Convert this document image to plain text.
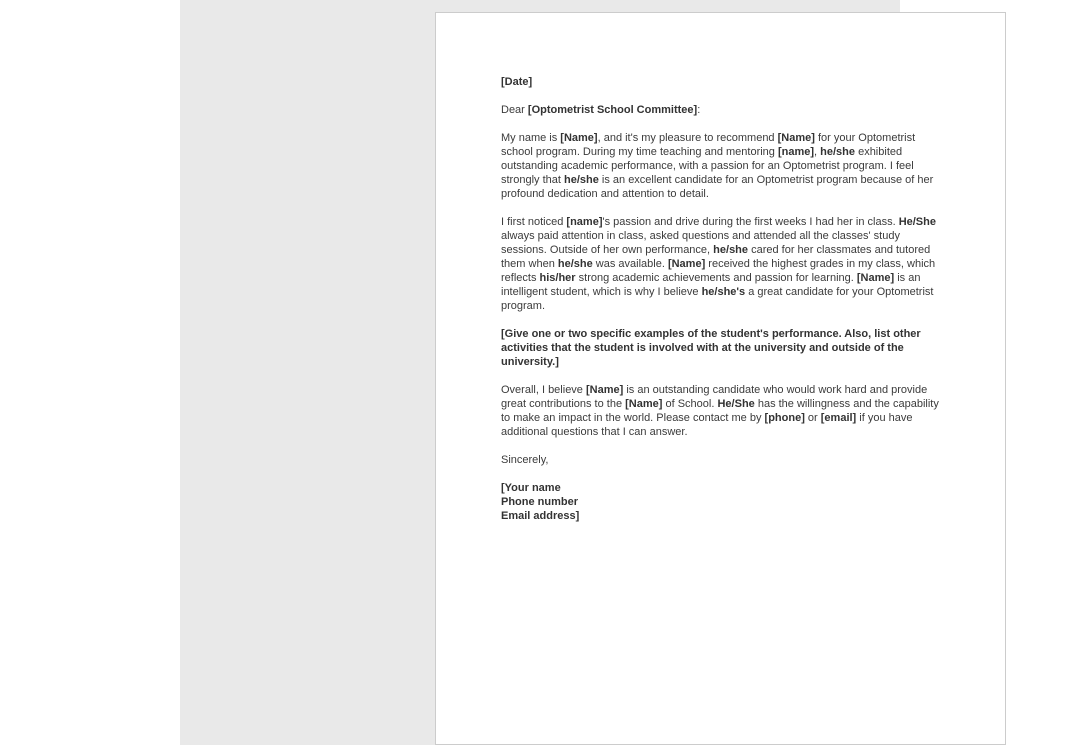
[Date]

Dear [Optometrist School Committee]:

My name is [Name], and it's my pleasure to recommend [Name] for your Optometrist school program. During my time teaching and mentoring [name], he/she exhibited outstanding academic performance, with a passion for an Optometrist program. I feel strongly that he/she is an excellent candidate for an Optometrist program because of her profound dedication and attention to detail.

I first noticed [name]'s passion and drive during the first weeks I had her in class. He/She always paid attention in class, asked questions and attended all the classes' study sessions. Outside of her own performance, he/she cared for her classmates and tutored them when he/she was available. [Name] received the highest grades in my class, which reflects his/her strong academic achievements and passion for learning. [Name] is an intelligent student, which is why I believe he/she's a great candidate for your Optometrist program.

[Give one or two specific examples of the student's performance. Also, list other activities that the student is involved with at the university and outside of the university.]

Overall, I believe [Name] is an outstanding candidate who would work hard and provide great contributions to the [Name] of School. He/She has the willingness and the capability to make an impact in the world. Please contact me by [phone] or [email] if you have additional questions that I can answer.

Sincerely,

[Your name

Phone number

Email address]
